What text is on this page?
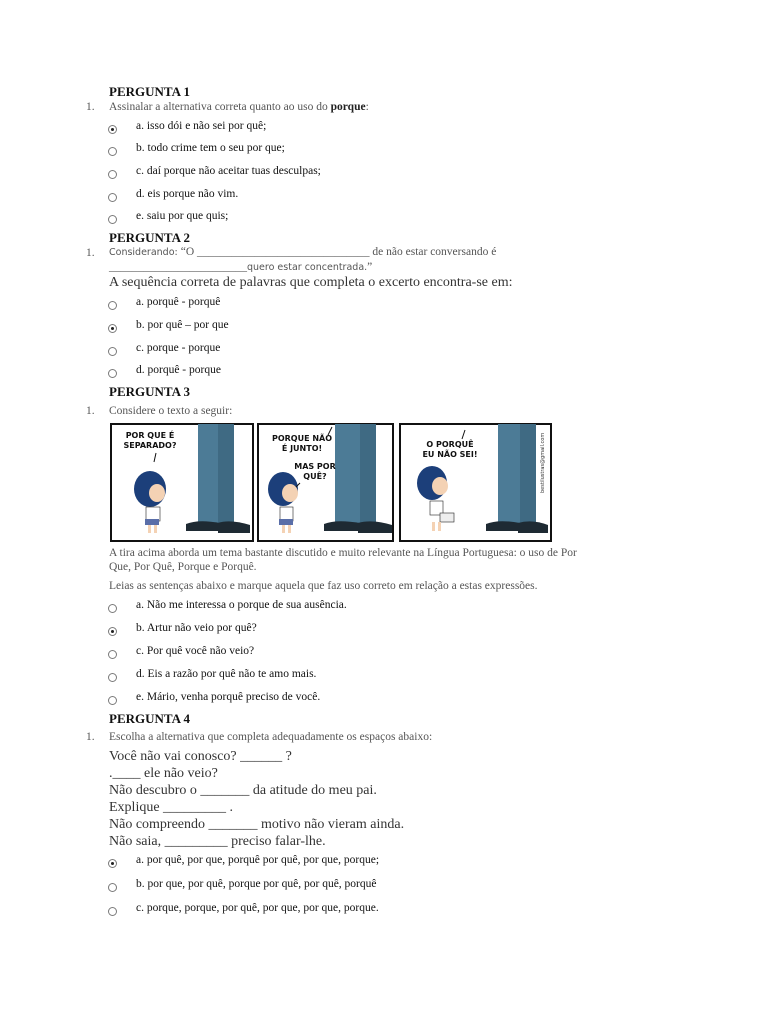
PERGUNTA 1
1. Assinalar a alternativa correta quanto ao uso do porque:
a. isso dói e não sei por quê;
b. todo crime tem o seu por que;
c. daí porque não aceitar tuas desculpas;
d. eis porque não vim.
e. saiu por que quis;
PERGUNTA 2
1. Considerando: “O ______________________________ de não estar conversando é
________________________quero estar concentrada.”
A sequência correta de palavras que completa o excerto encontra-se em:
a. porquê - porquê
b. por quê – por que
c. porque - porque
d. porquê - porque
PERGUNTA 3
1. Considere o texto a seguir:
POR QUE É
SEPARADO?
PORQUE NÃO
É JUNTO!
MAS POR
QUÊ?
O PORQUÊ
EU NÃO SEI!	bestilustras@gmail.com
A tira acima aborda um tema bastante discutido e muito relevante na Língua Portuguesa: o uso de Por
Que, Por Quê, Porque e Porquê.
Leias as sentenças abaixo e marque aquela que faz uso correto em relação a estas expressões.
a. Não me interessa o porque de sua ausência.
b. Artur não veio por quê?
c. Por quê você não veio?
d. Eis a razão por quê não te amo mais.
e. Mário, venha porquê preciso de você.
PERGUNTA 4
1. Escolha a alternativa que completa adequadamente os espaços abaixo:
Você não vai conosco? ______ ?
.____ ele não veio?
Não descubro o _______ da atitude do meu pai.
Explique _________ .
Não compreendo _______ motivo não vieram ainda.
Não saia, _________ preciso falar-lhe.
a. por quê, por que, porquê por quê, por que, porque;
b. por que, por quê, porque por quê, por quê, porquê
c. porque, porque, por quê, por que, por que, porque.
